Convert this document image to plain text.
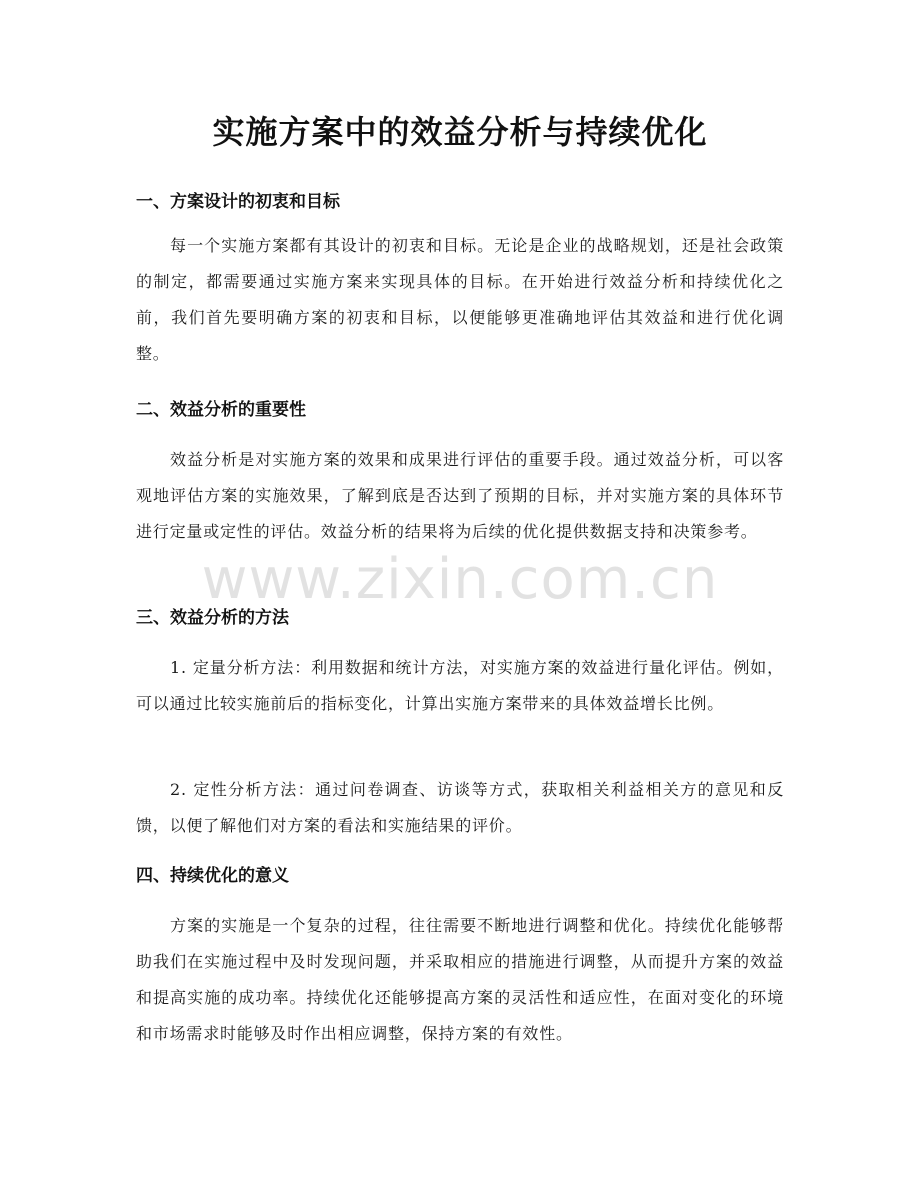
实施方案中的效益分析与持续优化
一、方案设计的初衷和目标

每一个实施方案都有其设计的初衷和目标。无论是企业的战略规划，还是社会政策的制定，都需要通过实施方案来实现具体的目标。在开始进行效益分析和持续优化之前，我们首先要明确方案的初衷和目标，以便能够更准确地评估其效益和进行优化调整。

二、效益分析的重要性

效益分析是对实施方案的效果和成果进行评估的重要手段。通过效益分析，可以客观地评估方案的实施效果，了解到底是否达到了预期的目标，并对实施方案的具体环节进行定量或定性的评估。效益分析的结果将为后续的优化提供数据支持和决策参考。

www.zixin.com.cn
三、效益分析的方法

1. 定量分析方法：利用数据和统计方法，对实施方案的效益进行量化评估。例如，可以通过比较实施前后的指标变化，计算出实施方案带来的具体效益增长比例。

2. 定性分析方法：通过问卷调查、访谈等方式，获取相关利益相关方的意见和反馈，以便了解他们对方案的看法和实施结果的评价。

四、持续优化的意义

方案的实施是一个复杂的过程，往往需要不断地进行调整和优化。持续优化能够帮助我们在实施过程中及时发现问题，并采取相应的措施进行调整，从而提升方案的效益和提高实施的成功率。持续优化还能够提高方案的灵活性和适应性，在面对变化的环境和市场需求时能够及时作出相应调整，保持方案的有效性。
